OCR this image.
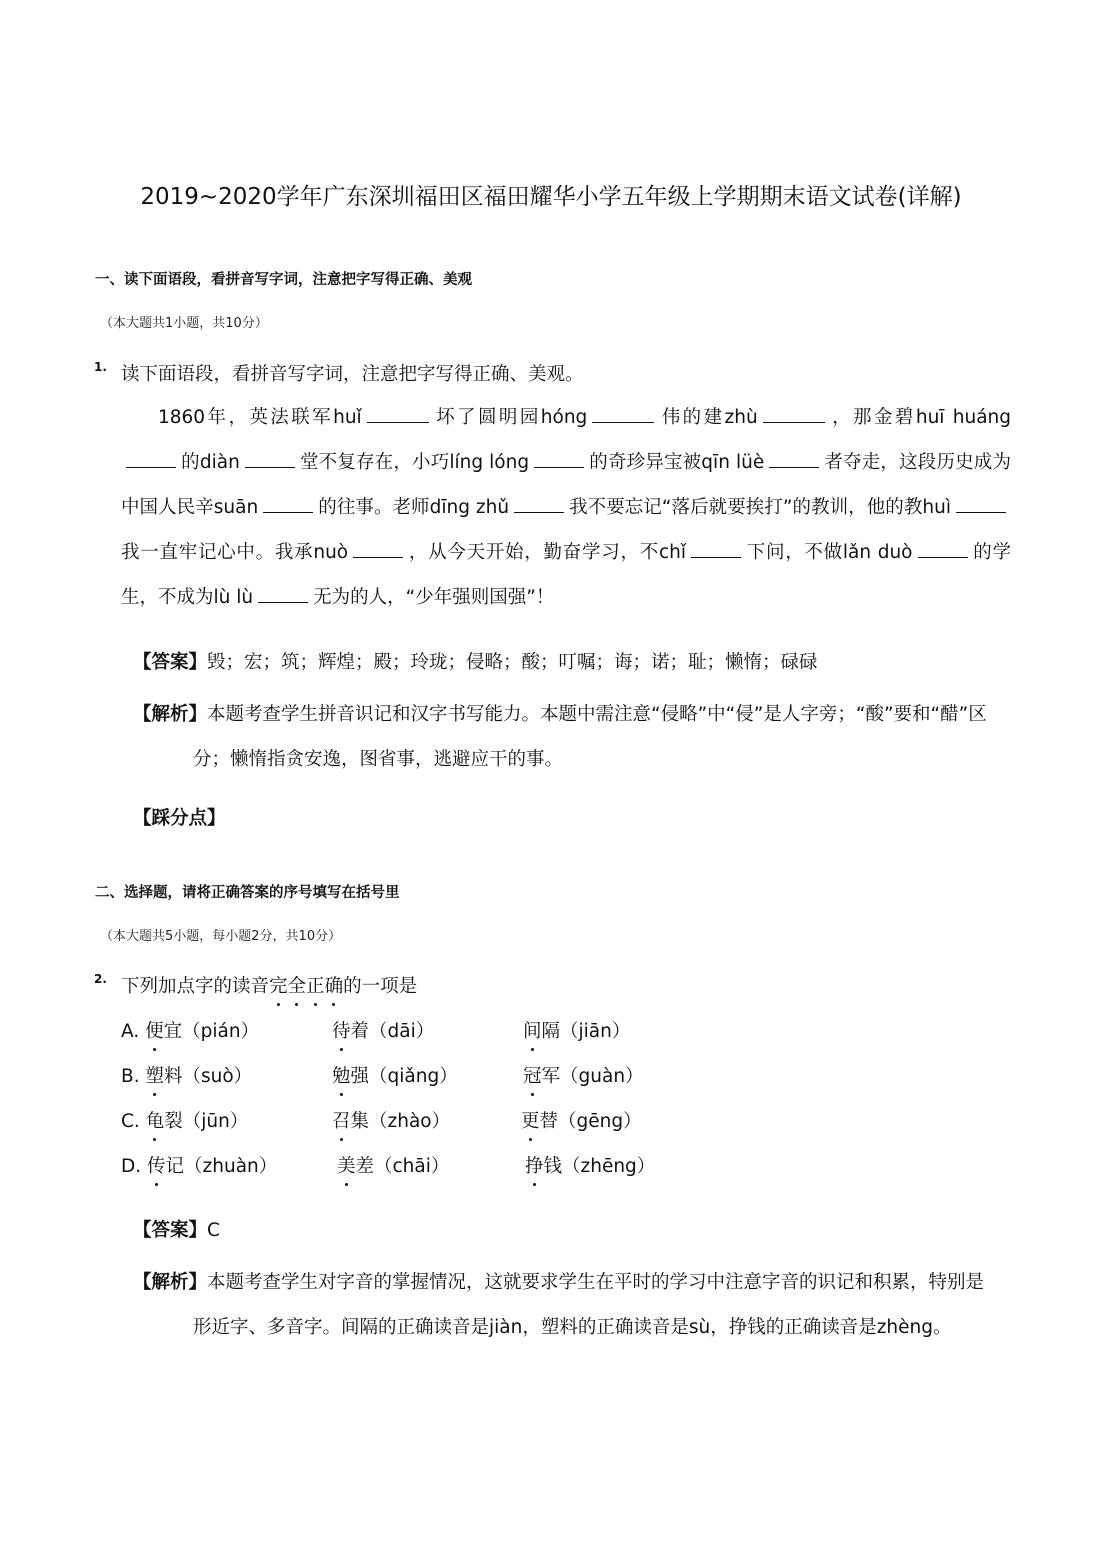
2019~2020学年广东深圳福田区福田耀华小学五年级上学期期末语文试卷(详解)
一、读下面语段，看拼音写字词，注意把字写得正确、美观
（本大题共1小题，共10分）
1. 读下面语段，看拼音写字词，注意把字写得正确、美观。
1860年，英法联军huǐ	坏了圆明园hóng	伟的建zhù	，那金碧huī huáng的diàn	堂不复存在，小巧líng lóng	的奇珍异宝被qīn lüè	者夺走，这段历史成为中国人民辛suān	的往事。老师dīng zhǔ	我不要忘记“落后就要挨打”的教训，他的教huì我一直牢记心中。我承nuò	，从今天开始，勤奋学习，不chǐ	下问，不做lǎn duò	的学生，不成为lù lù	无为的人，“少年强则国强”！
【答案】毁；宏；筑；辉煌；殿；玲珑；侵略；酸；叮嘱；诲；诺；耻；懒惰；碌碌
【解析】本题考查学生拼音识记和汉字书写能力。本题中需注意“侵略”中“侵”是人字旁；“酸”要和“醋”区分；懒惰指贪安逸，图省事，逃避应干的事。
【踩分点】
二、选择题，请将正确答案的序号填写在括号里
（本大题共5小题，每小题2分，共10分）
2. 下列加点字的读音完全正确的一项是
A. 便宜（pián）	待着（dāi）	间隔（jiān）
B. 塑料（suò）	勉强（qiǎng）	冠军（guàn）
C. 龟裂（jūn）	召集（zhào）	更替（gēng）
D. 传记（zhuàn）	美差（chāi）	挣钱（zhēng）
【答案】C
【解析】本题考查学生对字音的掌握情况，这就要求学生在平时的学习中注意字音的识记和积累，特别是形近字、多音字。间隔的正确读音是jiàn，塑料的正确读音是sù，挣钱的正确读音是zhèng。
